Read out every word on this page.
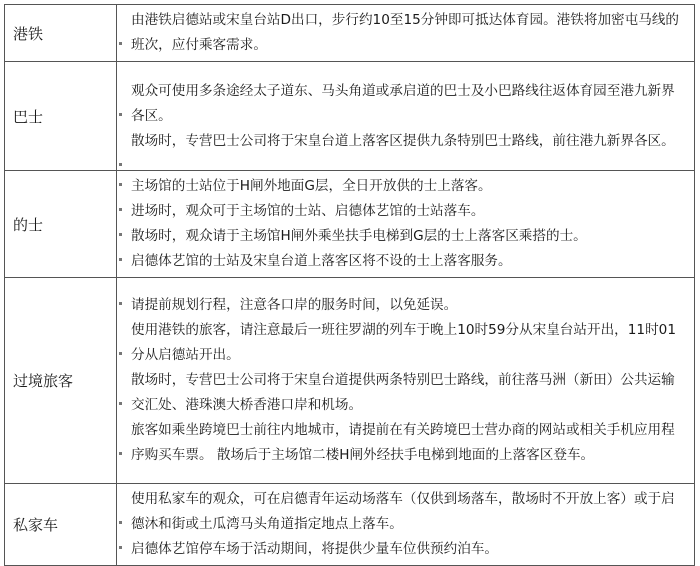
港铁	由港铁启德站或宋皇台站D出口，步行约10至15分钟即可抵达体育园。港铁将加密屯马线的班次，应付乘客需求。

巴士	观众可使用多条途经太子道东、马头角道或承启道的巴士及小巴路线往返体育园至港九新界各区。
散场时，专营巴士公司将于宋皇台道上落客区提供九条特别巴士路线，前往港九新界各区。

的士	主场馆的士站位于H闸外地面G层，全日开放供的士上落客。
进场时，观众可于主场馆的士站、启德体艺馆的士站落车。
散场时，观众请于主场馆H闸外乘坐扶手电梯到G层的士上落客区乘搭的士。
启德体艺馆的士站及宋皇台道上落客区将不设的士上落客服务。

过境旅客	请提前规划行程，注意各口岸的服务时间，以免延误。
使用港铁的旅客，请注意最后一班往罗湖的列车于晚上10时59分从宋皇台站开出，11时01分从启德站开出。
散场时，专营巴士公司将于宋皇台道提供两条特别巴士路线，前往落马洲（新田）公共运输交汇处、港珠澳大桥香港口岸和机场。
旅客如乘坐跨境巴士前往内地城市，请提前在有关跨境巴士营办商的网站或相关手机应用程序购买车票。 散场后于主场馆二楼H闸外经扶手电梯到地面的上落客区登车。

私家车	使用私家车的观众，可在启德青年运动场落车（仅供到场落车，散场时不开放上客）或于启德沐和街或土瓜湾马头角道指定地点上落车。
启德体艺馆停车场于活动期间，将提供少量车位供预约泊车。
